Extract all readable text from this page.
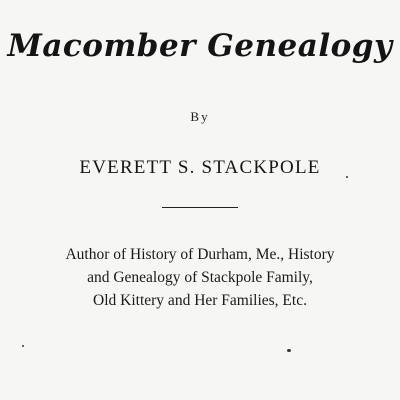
Macomber Genealogy
By
EVERETT S. STACKPOLE
Author of History of Durham, Me., History
and Genealogy of Stackpole Family,
Old Kittery and Her Families, Etc.
